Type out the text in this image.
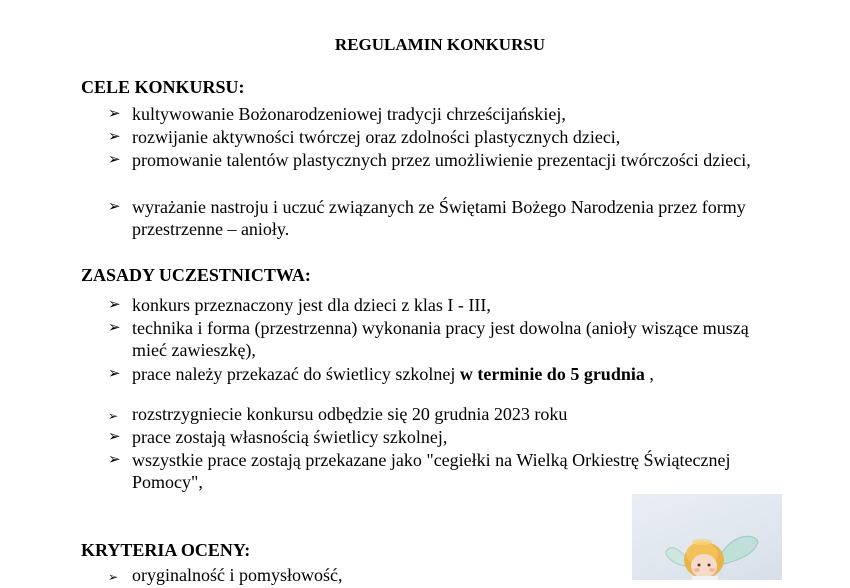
REGULAMIN KONKURSU
CELE KONKURSU:
➢ kultywowanie Bożonarodzeniowej tradycji chrześcijańskiej,
➢ rozwijanie aktywności twórczej oraz zdolności plastycznych dzieci,
➢ promowanie talentów plastycznych przez umożliwienie prezentacji twórczości dzieci,
➢ wyrażanie nastroju i uczuć związanych ze Świętami Bożego Narodzenia przez formy przestrzenne – anioły.
ZASADY UCZESTNICTWA:
➢ konkurs przeznaczony jest dla dzieci z klas I - III,
➢ technika i forma (przestrzenna) wykonania pracy jest dowolna (anioły wiszące muszą mieć zawieszkę),
➢ prace należy przekazać do świetlicy szkolnej w terminie do 5 grudnia ,
➢ rozstrzygniecie konkursu odbędzie się 20 grudnia 2023 roku
➢ prace zostają własnością świetlicy szkolnej,
➢ wszystkie prace zostają przekazane jako "cegiełki na Wielką Orkiestrę Świątecznej Pomocy",
KRYTERIA OCENY:
➢ oryginalność i pomysłowość,
